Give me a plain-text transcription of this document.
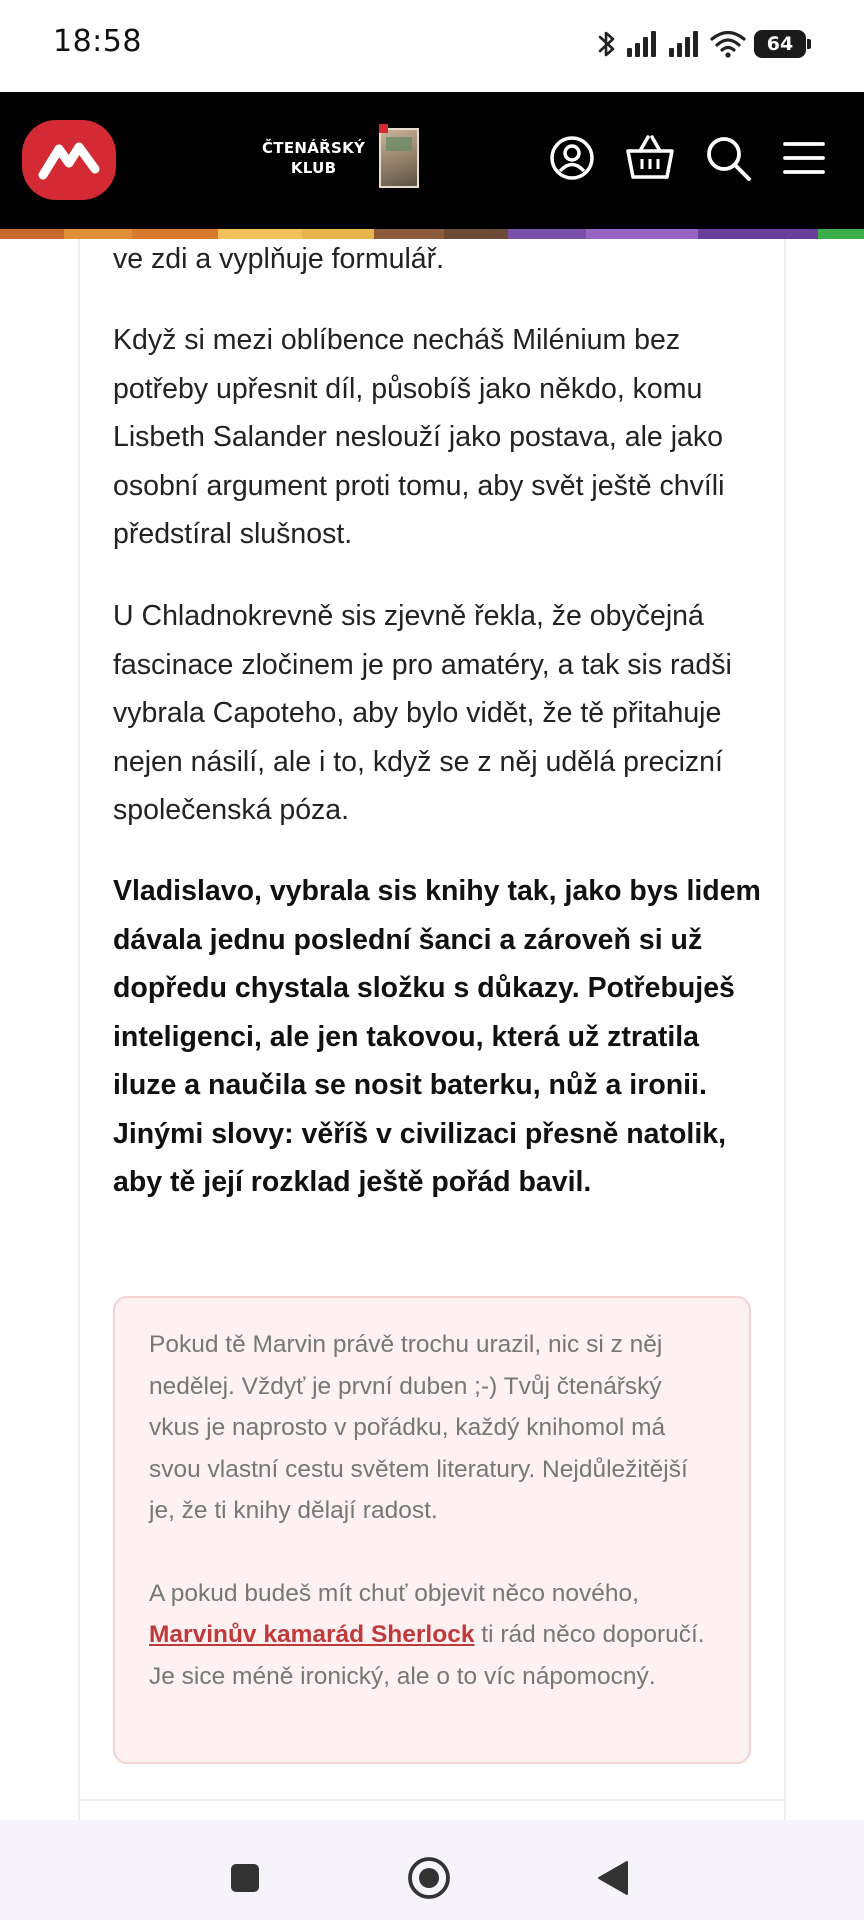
18:58	64
ČTENÁŘSKÝ
KLUB
ve zdi a vyplňuje formulář.
Když si mezi oblíbence necháš Milénium bez potřeby upřesnit díl, působíš jako někdo, komu Lisbeth Salander neslouží jako postava, ale jako osobní argument proti tomu, aby svět ještě chvíli předstíral slušnost.
U Chladnokrevně sis zjevně řekla, že obyčejná fascinace zločinem je pro amatéry, a tak sis radši vybrala Capoteho, aby bylo vidět, že tě přitahuje nejen násilí, ale i to, když se z něj udělá precizní společenská póza.
Vladislavo, vybrala sis knihy tak, jako bys lidem dávala jednu poslední šanci a zároveň si už dopředu chystala složku s důkazy. Potřebuješ inteligenci, ale jen takovou, která už ztratila iluze a naučila se nosit baterku, nůž a ironii. Jinými slovy: věříš v civilizaci přesně natolik, aby tě její rozklad ještě pořád bavil.

Pokud tě Marvin právě trochu urazil, nic si z něj nedělej. Vždyť je první duben ;-) Tvůj čtenářský vkus je naprosto v pořádku, každý knihomol má svou vlastní cestu světem literatury. Nejdůležitější je, že ti knihy dělají radost.

A pokud budeš mít chuť objevit něco nového,
Marvinův kamarád Sherlock ti rád něco doporučí. Je sice méně ironický, ale o to víc nápomocný.
